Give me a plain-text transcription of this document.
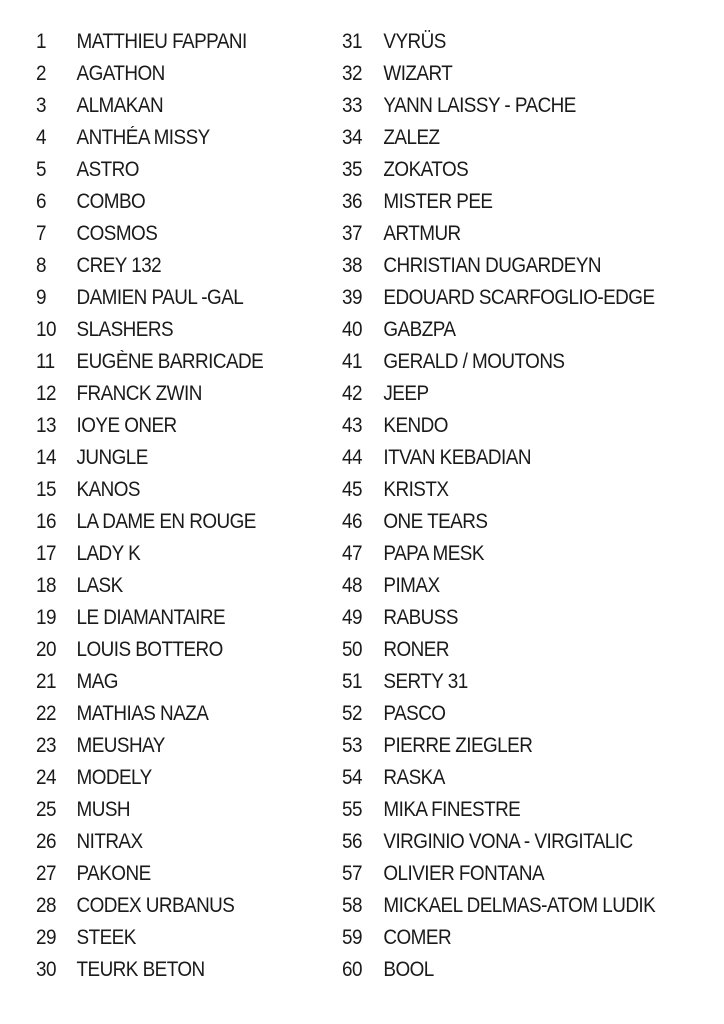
1	MATTHIEU FAPPANI
2	AGATHON
3	ALMAKAN
4	ANTHÉA MISSY
5	ASTRO
6	COMBO
7	COSMOS
8	CREY 132
9	DAMIEN PAUL -GAL
10 SLASHERS
11	EUGÈNE BARRICADE
12 FRANCK ZWIN
13 IOYE ONER
14 JUNGLE
15 KANOS
16 LA DAME EN ROUGE
17 LADY K
18 LASK
19 LE DIAMANTAIRE
20 LOUIS BOTTERO
21 MAG
22 MATHIAS NAZA
23 MEUSHAY
24 MODELY
25 MUSH
26 NITRAX
27 PAKONE
28 CODEX URBANUS
29 STEEK
30 TEURK BETON
31	VYRÜS
32	WIZART
33	YANN LAISSY - PACHE
34	ZALEZ
35	ZOKATOS
36	MISTER PEE
37	ARTMUR
38	CHRISTIAN DUGARDEYN
39	EDOUARD SCARFOGLIO-EDGE
40	GABZPA
41	GERALD / MOUTONS
42	JEEP
43	KENDO
44	ITVAN KEBADIAN
45	KRISTX
46	ONE TEARS
47	PAPA MESK
48	PIMAX
49	RABUSS
50	RONER
51	SERTY 31
52	PASCO
53	PIERRE ZIEGLER
54	RASKA
55	MIKA FINESTRE
56	VIRGINIO VONA - VIRGITALIC
57	OLIVIER FONTANA
58	MICKAEL DELMAS-ATOM LUDIK
59	COMER
60	BOOL
